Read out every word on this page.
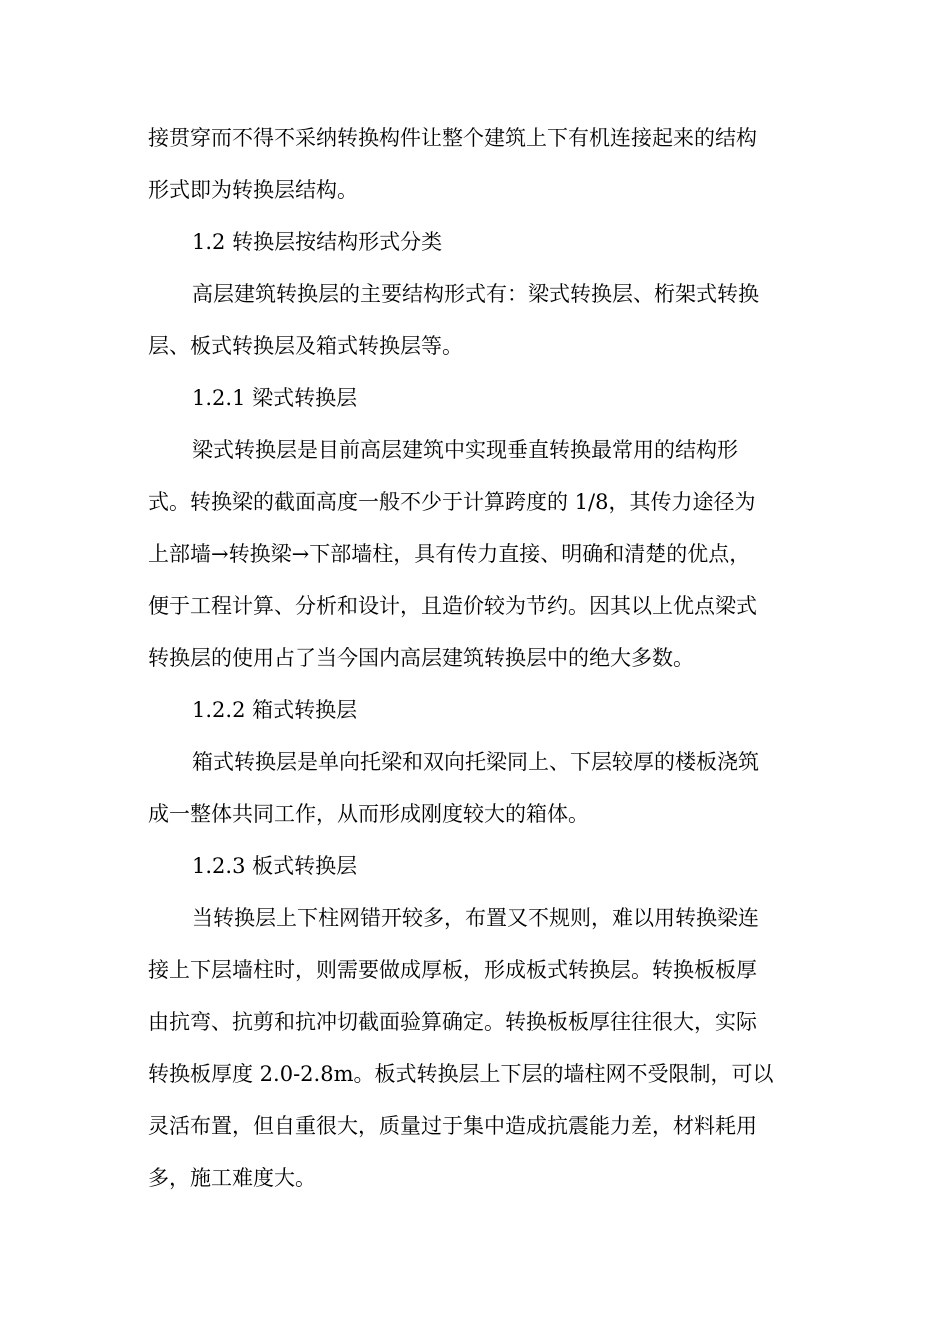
接贯穿而不得不采纳转换构件让整个建筑上下有机连接起来的结构
形式即为转换层结构。
1.2 转换层按结构形式分类
高层建筑转换层的主要结构形式有：梁式转换层、桁架式转换
层、板式转换层及箱式转换层等。
1.2.1 梁式转换层
梁式转换层是目前高层建筑中实现垂直转换最常用的结构形
式。转换梁的截面高度一般不少于计算跨度的 1/8，其传力途径为
上部墙→转换梁→下部墙柱，具有传力直接、明确和清楚的优点，
便于工程计算、分析和设计，且造价较为节约。因其以上优点梁式
转换层的使用占了当今国内高层建筑转换层中的绝大多数。
1.2.2 箱式转换层
箱式转换层是单向托梁和双向托梁同上、下层较厚的楼板浇筑
成一整体共同工作，从而形成刚度较大的箱体。
1.2.3 板式转换层
当转换层上下柱网错开较多，布置又不规则，难以用转换梁连
接上下层墙柱时，则需要做成厚板，形成板式转换层。转换板板厚
由抗弯、抗剪和抗冲切截面验算确定。转换板板厚往往很大，实际
转换板厚度 2.0-2.8m。板式转换层上下层的墙柱网不受限制，可以
灵活布置，但自重很大，质量过于集中造成抗震能力差，材料耗用
多，施工难度大。
